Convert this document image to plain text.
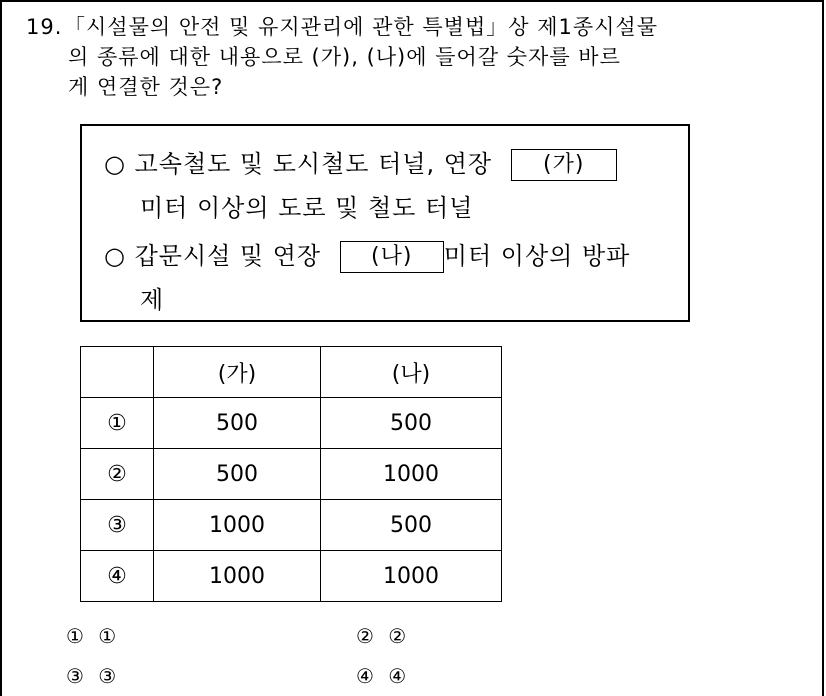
19. 「시설물의 안전 및 유지관리에 관한 특별법」상 제1종시설물
의 종류에 대한 내용으로 (가), (나)에 들어갈 숫자를 바르
게 연결한 것은?
○ 고속철도 및 도시철도 터널, 연장 (가)
미터 이상의 도로 및 철도 터널
○ 갑문시설 및 연장 (나) 미터 이상의 방파
제
	(가)	(나)
①	500	500
②	500	1000
③	1000	500
④	1000	1000
① ①	② ②
③ ③	④ ④
